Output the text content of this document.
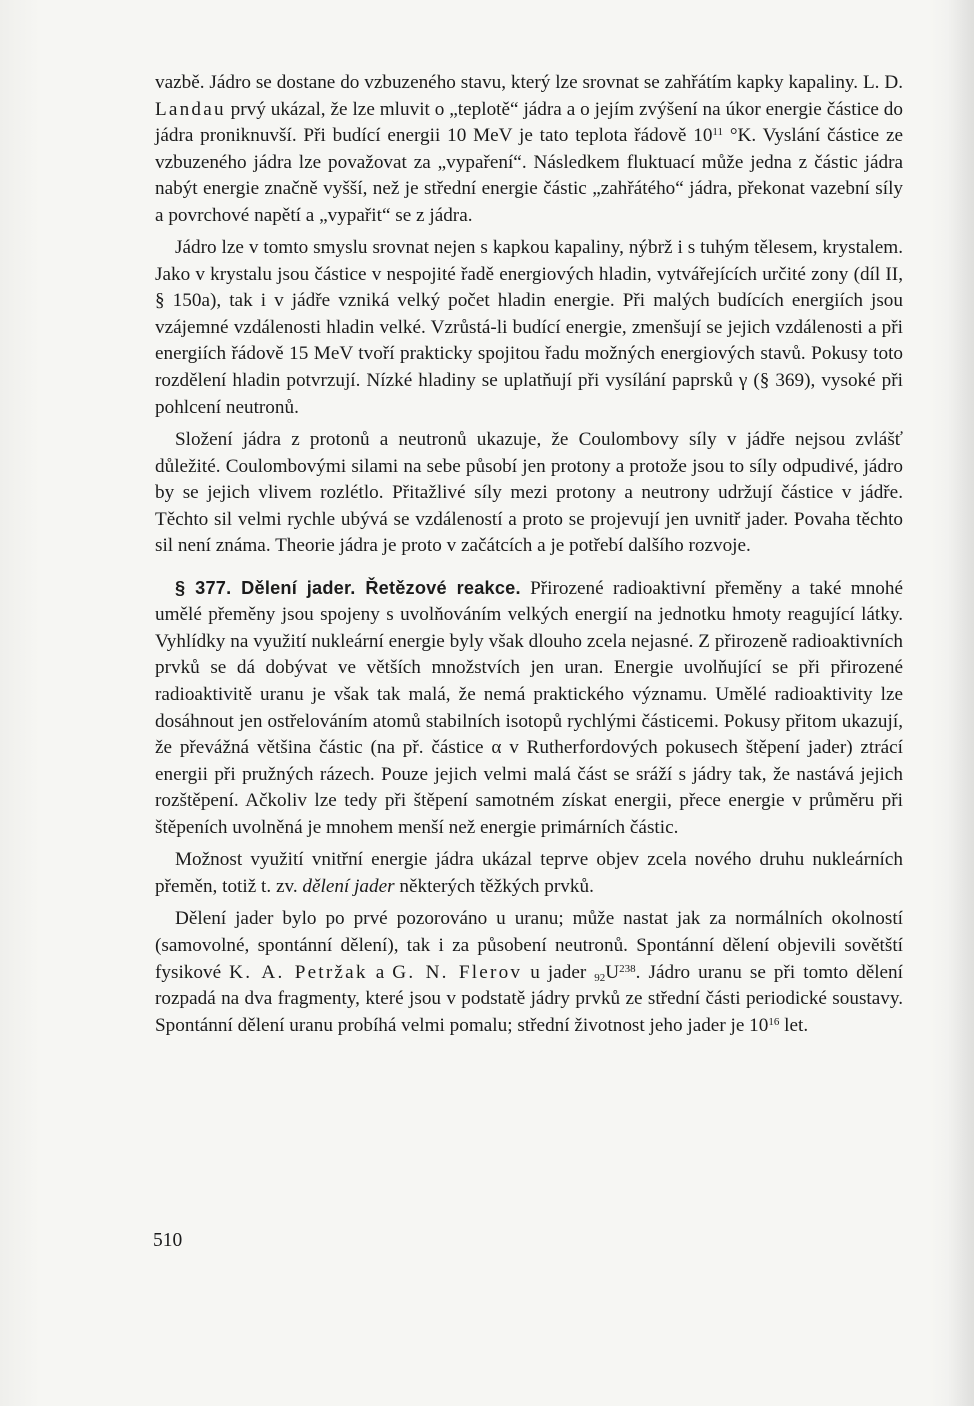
vazbě. Jádro se dostane do vzbuzeného stavu, který lze srovnat se zahřátím kapky kapaliny. L. D. Landau prvý ukázal, že lze mluvit o „teplotě“ jádra a o jejím zvýšení na úkor energie částice do jádra proniknuvší. Při budící energii 10 MeV je tato teplota řádově $10^{11}$ °K. Vyslání částice ze vzbuzeného jádra lze považovat za „vypaření“. Následkem fluktuací může jedna z částic jádra nabýt energie značně vyšší, než je střední energie částic „zahřátého“ jádra, překonat vazební síly a povrchové napětí a „vypařit“ se z jádra.

Jádro lze v tomto smyslu srovnat nejen s kapkou kapaliny, nýbrž i s tuhým tělesem, krystalem. Jako v krystalu jsou částice v nespojité řadě energiových hladin, vytvářejících určité zony (díl II, § 150a), tak i v jádře vzniká velký počet hladin energie. Při malých budících energiích jsou vzájemné vzdálenosti hladin velké. Vzrůstá-li budící energie, zmenšují se jejich vzdálenosti a při energiích řádově 15 MeV tvoří prakticky spojitou řadu možných energiových stavů. Pokusy toto rozdělení hladin potvrzují. Nízké hladiny se uplatňují při vysílání paprsků γ (§ 369), vysoké při pohlcení neutronů.

Složení jádra z protonů a neutronů ukazuje, že Coulombovy síly v jádře nejsou zvlášť důležité. Coulombovými silami na sebe působí jen protony a protože jsou to síly odpudivé, jádro by se jejich vlivem rozlétlo. Přitažlivé síly mezi protony a neutrony udržují částice v jádře. Těchto sil velmi rychle ubývá se vzdáleností a proto se projevují jen uvnitř jader. Povaha těchto sil není známa. Theorie jádra je proto v začátcích a je potřebí dalšího rozvoje.

§ 377. Dělení jader. Řetězové reakce. Přirozené radioaktivní přeměny a také mnohé umělé přeměny jsou spojeny s uvolňováním velkých energií na jednotku hmoty reagující látky. Vyhlídky na využití nukleární energie byly však dlouho zcela nejasné. Z přirozeně radioaktivních prvků se dá dobývat ve větších množstvích jen uran. Energie uvolňující se při přirozené radioaktivitě uranu je však tak malá, že nemá praktického významu. Umělé radioaktivity lze dosáhnout jen ostřelováním atomů stabilních isotopů rychlými částicemi. Pokusy přitom ukazují, že převážná většina částic (na př. částice α v Rutherfordových pokusech štěpení jader) ztrácí energii při pružných rázech. Pouze jejich velmi malá část se sráží s jádry tak, že nastává jejich rozštěpení. Ačkoliv lze tedy při štěpení samotném získat energii, přece energie v průměru při štěpeních uvolněná je mnohem menší než energie primárních částic.

Možnost využití vnitřní energie jádra ukázal teprve objev zcela nového druhu nukleárních přeměn, totiž t. zv. dělení jader některých těžkých prvků.

Dělení jader bylo po prvé pozorováno u uranu; může nastat jak za normálních okolností (samovolné, spontánní dělení), tak i za působení neutronů. Spontánní dělení objevili sovětští fysikové K. A. Petržak a G. N. Flerov u jader $_{92}U^{238}$. Jádro uranu se při tomto dělení rozpadá na dva fragmenty, které jsou v podstatě jádry prvků ze střední části periodické soustavy. Spontánní dělení uranu probíhá velmi pomalu; střední životnost jeho jader je $10^{16}$ let.

510
